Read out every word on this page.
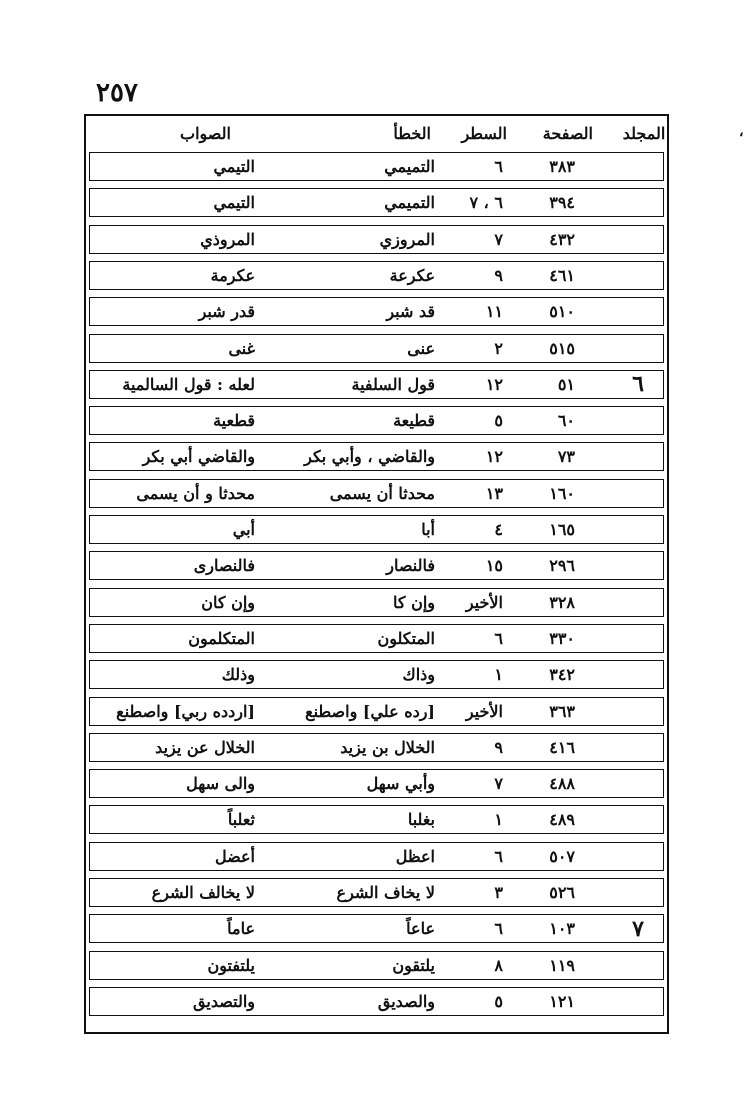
٢٥٧
،
المجلد
الصفحة
السطر
الخطأ
الصواب
٣٨٣
٦
التميمي
التيمي
٣٩٤
٦ ، ٧
التميمي
التيمي
٤٣٢
٧
المروزي
المروذي
٤٦١
٩
عكرعة
عكرمة
٥١٠
١١
قد شبر
قدر شبر
٥١٥
٢
عنى
غنى
٦
٥١
١٢
قول السلفية
لعله : قول السالمية
٦٠
٥
قطيعة
قطعية
٧٣
١٢
والقاضي ، وأبي بكر
والقاضي أبي بكر
١٦٠
١٣
محدثا أن يسمى
محدثا و أن يسمى
١٦٥
٤
أبا
أبي
٢٩٦
١٥
فالنصار
فالنصارى
٣٢٨
الأخير
وإن كا
وإن كان
٣٣٠
٦
المتكلون
المتكلمون
٣٤٢
١
وذاك
وذلك
٣٦٣
الأخير
[رده علي] واصطنع
[اردده ربي] واصطنع
٤١٦
٩
الخلال بن يزيد
الخلال عن يزيد
٤٨٨
٧
وأبي سهل
والى سهل
٤٨٩
١
بغلبا
ثعلباً
٥٠٧
٦
اعظل
أعضل
٥٢٦
٣
لا يخاف الشرع
لا يخالف الشرع
٧
١٠٣
٦
عاعاً
عاماً
١١٩
٨
يلتقون
يلتفتون
١٢١
٥
والصديق
والتصديق
